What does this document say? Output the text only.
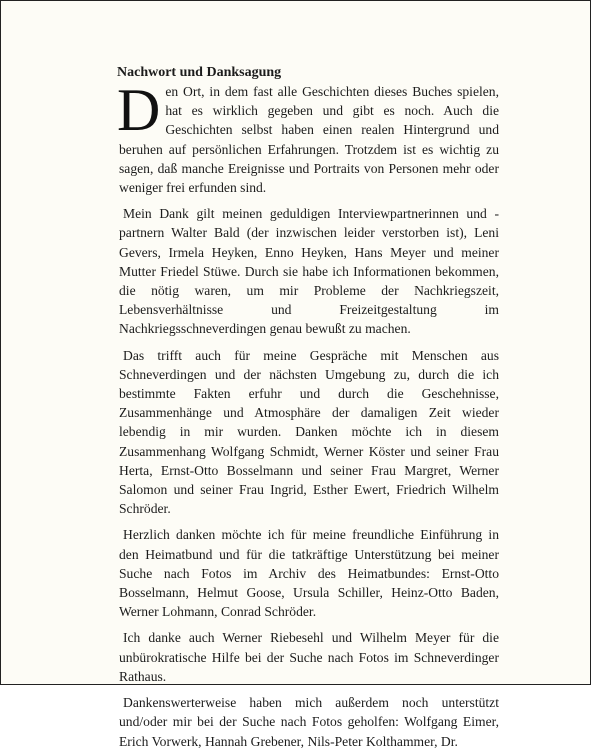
Nachwort und Danksagung

Den Ort, in dem fast alle Geschichten dieses Buches spielen, hat es wirklich gegeben und gibt es noch. Auch die Geschichten selbst haben einen realen Hintergrund und beruhen auf persönlichen Erfahrungen. Trotzdem ist es wichtig zu sagen, daß manche Ereignisse und Portraits von Personen mehr oder weniger frei erfunden sind.

Mein Dank gilt meinen geduldigen Interviewpartnerinnen und -partnern Walter Bald (der inzwischen leider verstorben ist), Leni Gevers, Irmela Heyken, Enno Heyken, Hans Meyer und meiner Mutter Friedel Stüwe. Durch sie habe ich Informationen bekommen, die nötig waren, um mir Probleme der Nachkriegszeit, Lebensverhältnisse und Freizeitgestaltung im Nachkriegsschneverdingen genau bewußt zu machen.

Das trifft auch für meine Gespräche mit Menschen aus Schneverdingen und der nächsten Umgebung zu, durch die ich bestimmte Fakten erfuhr und durch die Geschehnisse, Zusammenhänge und Atmosphäre der damaligen Zeit wieder lebendig in mir wurden. Danken möchte ich in diesem Zusammenhang Wolfgang Schmidt, Werner Köster und seiner Frau Herta, Ernst-Otto Bosselmann und seiner Frau Margret, Werner Salomon und seiner Frau Ingrid, Esther Ewert, Friedrich Wilhelm Schröder.

Herzlich danken möchte ich für meine freundliche Einführung in den Heimatbund und für die tatkräftige Unterstützung bei meiner Suche nach Fotos im Archiv des Heimatbundes: Ernst-Otto Bosselmann, Helmut Goose, Ursula Schiller, Heinz-Otto Baden, Werner Lohmann, Conrad Schröder.

Ich danke auch Werner Riebesehl und Wilhelm Meyer für die unbürokratische Hilfe bei der Suche nach Fotos im Schneverdinger Rathaus.

Dankenswerterweise haben mich außerdem noch unterstützt und/oder mir bei der Suche nach Fotos geholfen: Wolfgang Eimer, Erich Vorwerk, Hannah Grebener, Nils-Peter Kolthammer, Dr.
